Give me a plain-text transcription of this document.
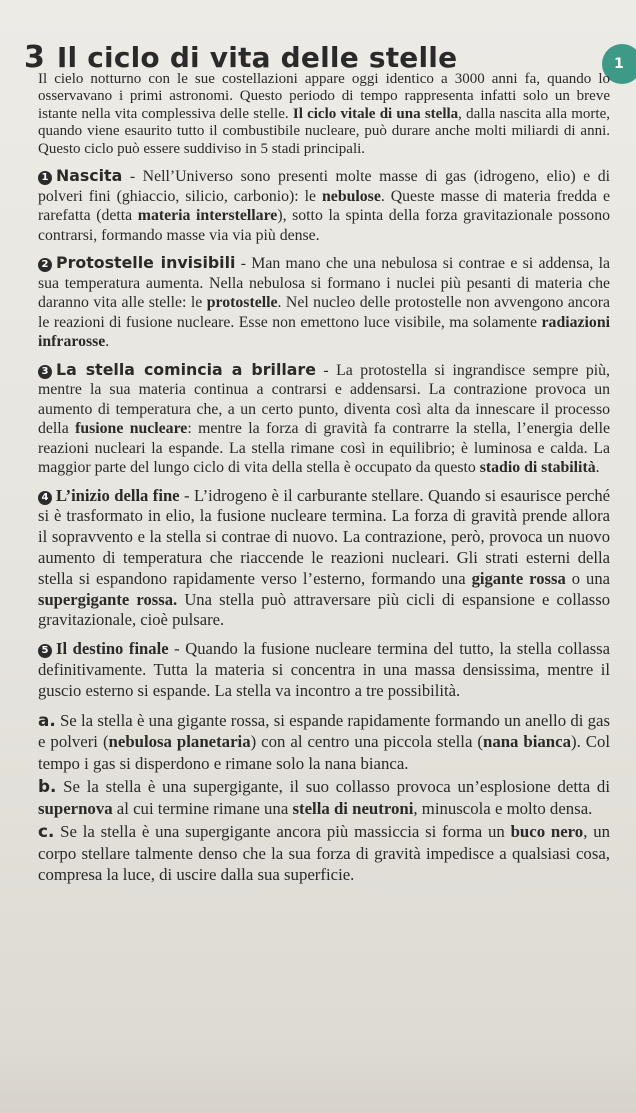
3 Il ciclo di vita delle stelle	1

Il cielo notturno con le sue costellazioni appare oggi identico a 3000 anni fa, quando lo osservavano i primi astronomi. Questo periodo di tempo rappresenta infatti solo un breve istante nella vita complessiva delle stelle. Il ciclo vitale di una stella, dalla nascita alla morte, quando viene esaurito tutto il combustibile nucleare, può durare anche molti miliardi di anni. Questo ciclo può essere suddiviso in 5 stadi principali.

1 Nascita - Nell’Universo sono presenti molte masse di gas (idrogeno, elio) e di polveri fini (ghiaccio, silicio, carbonio): le nebulose. Queste masse di materia fredda e rarefatta (detta materia interstellare), sotto la spinta della forza gravitazionale possono contrarsi, formando masse via via più dense.

2 Protostelle invisibili - Man mano che una nebulosa si contrae e si addensa, la sua temperatura aumenta. Nella nebulosa si formano i nuclei più pesanti di materia che daranno vita alle stelle: le protostelle. Nel nucleo delle protostelle non avvengono ancora le reazioni di fusione nucleare. Esse non emettono luce visibile, ma solamente radiazioni infrarosse.

3 La stella comincia a brillare - La protostella si ingrandisce sempre più, mentre la sua materia continua a contrarsi e addensarsi. La contrazione provoca un aumento di temperatura che, a un certo punto, diventa così alta da innescare il processo della fusione nucleare: mentre la forza di gravità fa contrarre la stella, l’energia delle reazioni nucleari la espande. La stella rimane così in equilibrio; è luminosa e calda. La maggior parte del lungo ciclo di vita della stella è occupato da questo stadio di stabilità.

4 L’inizio della fine - L’idrogeno è il carburante stellare. Quando si esaurisce perché si è trasformato in elio, la fusione nucleare termina. La forza di gravità prende allora il sopravvento e la stella si contrae di nuovo. La contrazione, però, provoca un nuovo aumento di temperatura che riaccende le reazioni nucleari. Gli strati esterni della stella si espandono rapidamente verso l’esterno, formando una gigante rossa o una supergigante rossa. Una stella può attraversare più cicli di espansione e collasso gravitazionale, cioè pulsare.

5 Il destino finale - Quando la fusione nucleare termina del tutto, la stella collassa definitivamente. Tutta la materia si concentra in una massa densissima, mentre il guscio esterno si espande. La stella va incontro a tre possibilità.

a. Se la stella è una gigante rossa, si espande rapidamente formando un anello di gas e polveri (nebulosa planetaria) con al centro una piccola stella (nana bianca). Col tempo i gas si disperdono e rimane solo la nana bianca.

b. Se la stella è una supergigante, il suo collasso provoca un’esplosione detta di supernova al cui termine rimane una stella di neutroni, minuscola e molto densa.

c. Se la stella è una supergigante ancora più massiccia si forma un buco nero, un corpo stellare talmente denso che la sua forza di gravità impedisce a qualsiasi cosa, compresa la luce, di uscire dalla sua superficie.
